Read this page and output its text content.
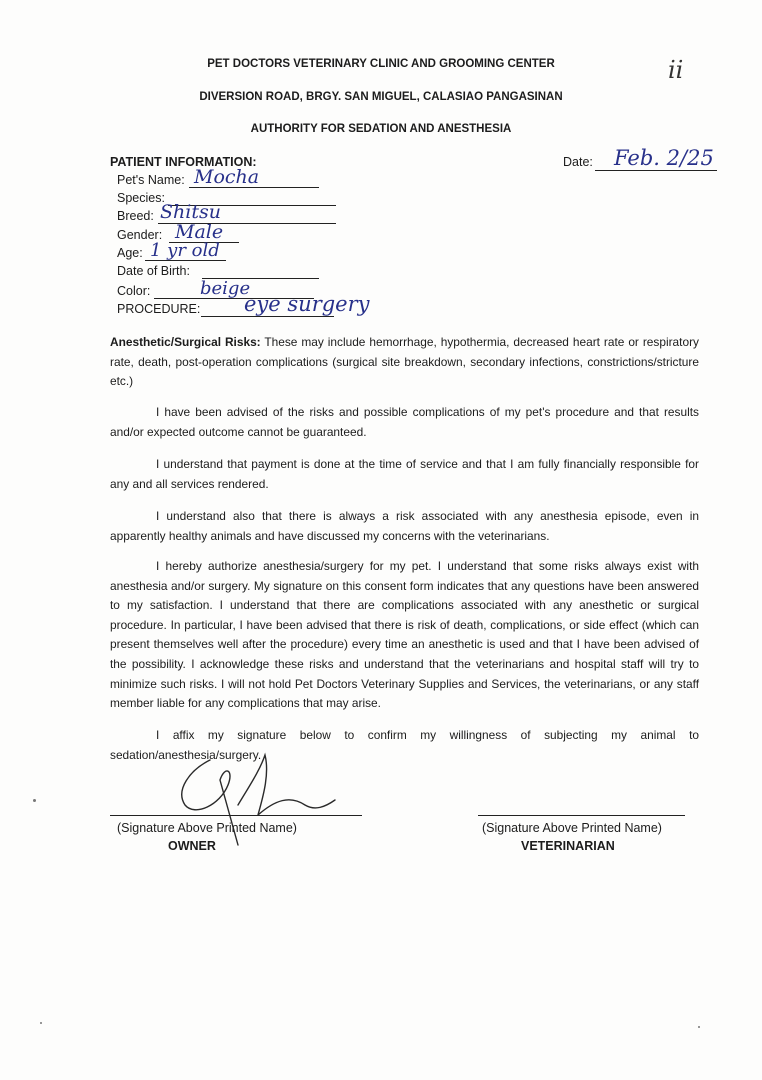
PET DOCTORS VETERINARY CLINIC AND GROOMING CENTER
DIVERSION ROAD, BRGY. SAN MIGUEL, CALASIAO PANGASINAN
AUTHORITY FOR SEDATION AND ANESTHESIA
ii
PATIENT INFORMATION:	Date: Feb. 2/25
Pet's Name: Mocha
Species:
Breed: Shitsu
Gender: Male
Age: 1 yr old
Date of Birth:
Color:	beige
PROCEDURE: eye surgery
Anesthetic/Surgical Risks: These may include hemorrhage, hypothermia, decreased heart rate or respiratory rate, death, post-operation complications (surgical site breakdown, secondary infections, constrictions/stricture etc.)
I have been advised of the risks and possible complications of my pet's procedure and that results and/or expected outcome cannot be guaranteed.
I understand that payment is done at the time of service and that I am fully financially responsible for any and all services rendered.
I understand also that there is always a risk associated with any anesthesia episode, even in apparently healthy animals and have discussed my concerns with the veterinarians.
I hereby authorize anesthesia/surgery for my pet. I understand that some risks always exist with anesthesia and/or surgery. My signature on this consent form indicates that any questions have been answered to my satisfaction. I understand that there are complications associated with any anesthetic or surgical procedure. In particular, I have been advised that there is risk of death, complications, or side effect (which can present themselves well after the procedure) every time an anesthetic is used and that I have been advised of the possibility. I acknowledge these risks and understand that the veterinarians and hospital staff will try to minimize such risks. I will not hold Pet Doctors Veterinary Supplies and Services, the veterinarians, or any staff member liable for any complications that may arise.
I affix my signature below to confirm my willingness of subjecting my animal to sedation/anesthesia/surgery.
(Signature Above Printed Name)
OWNER
(Signature Above Printed Name)
VETERINARIAN
